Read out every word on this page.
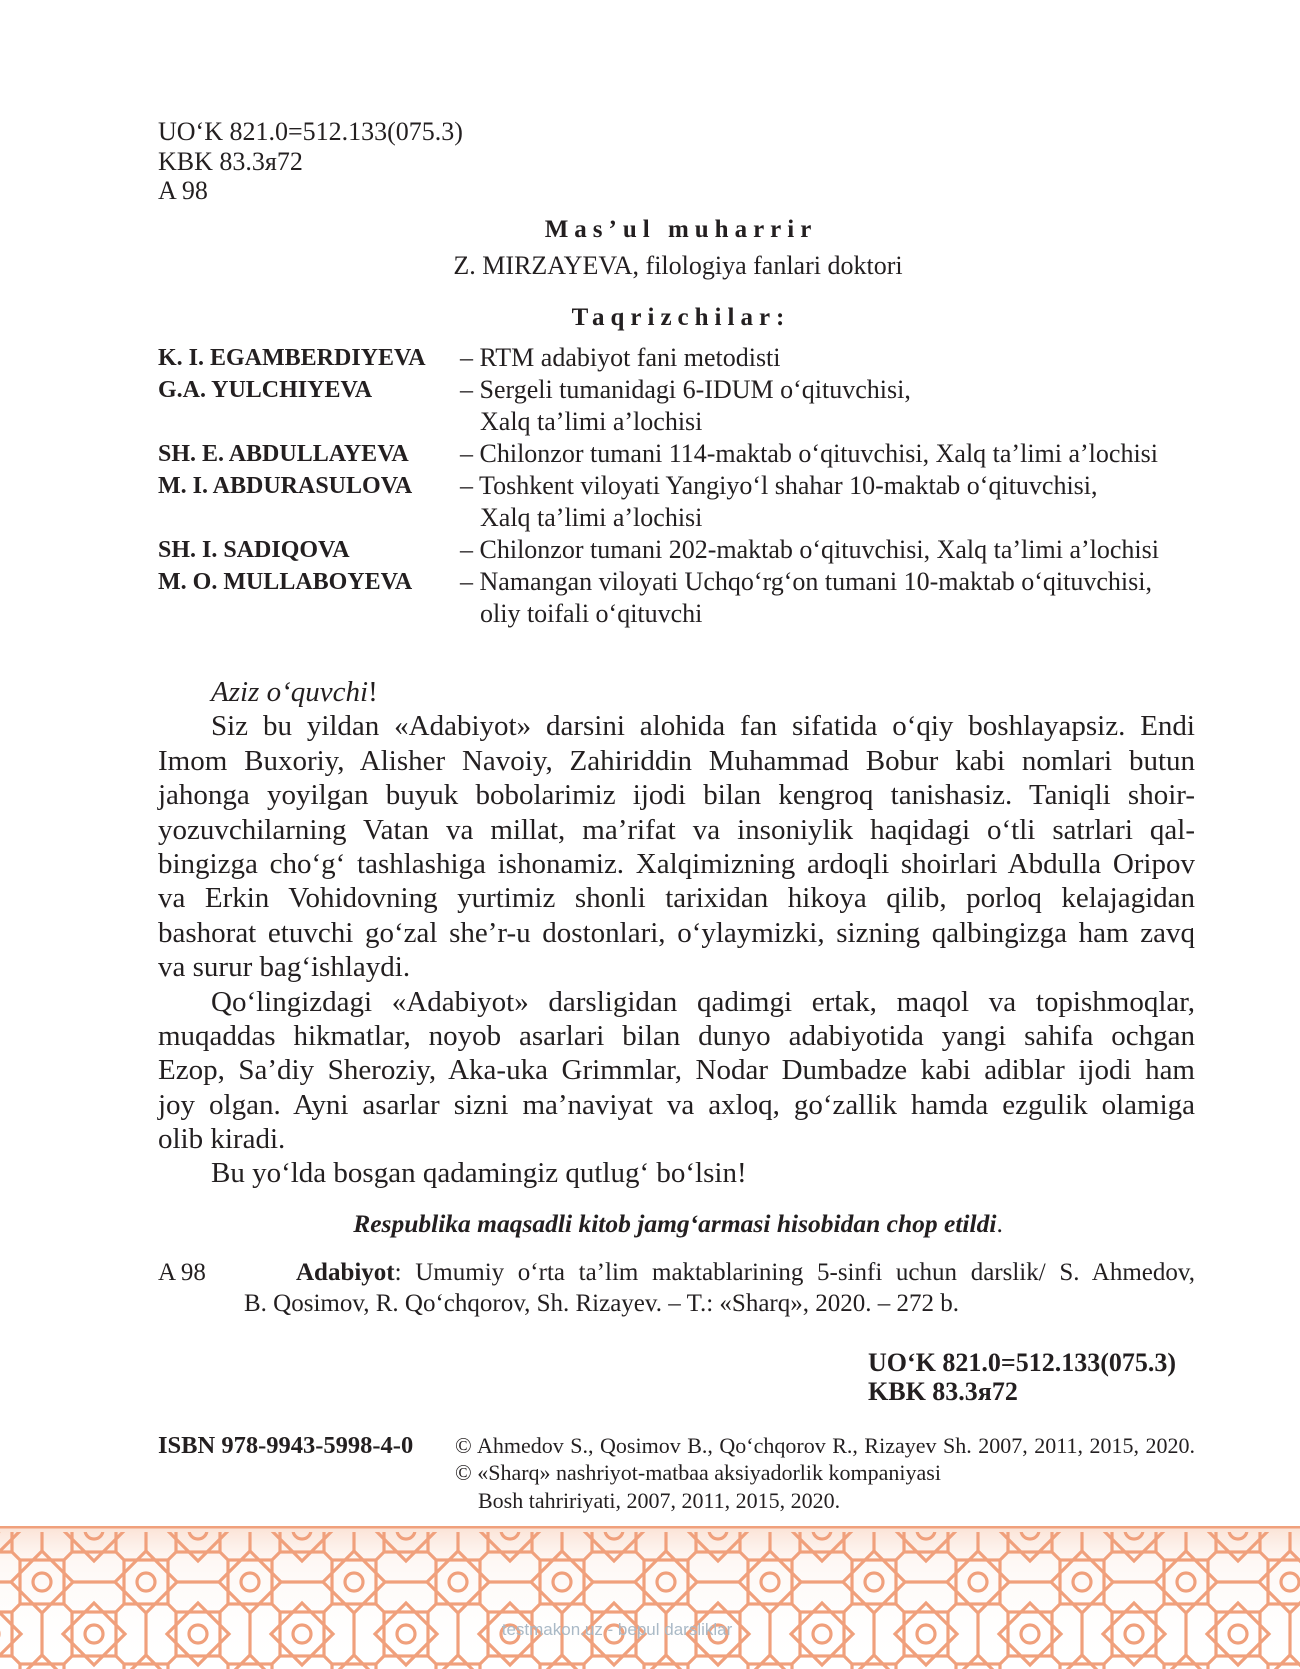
UO‘K 821.0=512.133(075.3)
KBK 83.3я72
A 98
Mas’ul muharrir
Z. MIRZAYEVA, filologiya fanlari doktori
Taqrizchilar:
K. I. EGAMBERDIYEVA	– RTM adabiyot fani metodisti
G.A. YULCHIYEVA	– Sergeli tumanidagi 6-IDUM o‘qituvchisi,
Xalq ta’limi a’lochisi
SH. E. ABDULLAYEVA	– Chilonzor tumani 114-maktab o‘qituvchisi, Xalq ta’limi a’lochisi
M. I. ABDURASULOVA	– Toshkent viloyati Yangiyo‘l shahar 10-maktab o‘qituvchisi,
Xalq ta’limi a’lochisi
SH. I. SADIQOVA	– Chilonzor tumani 202-maktab o‘qituvchisi, Xalq ta’limi a’lochisi
M. O. MULLABOYEVA	– Namangan viloyati Uchqo‘rg‘on tumani 10-maktab o‘qituvchisi,
oliy toifali o‘qituvchi
Aziz o‘quvchi!
Siz bu yildan «Adabiyot» darsini alohida fan sifatida o‘qiy boshlayapsiz. Endi
Imom Buxoriy, Alisher Navoiy, Zahiriddin Muhammad Bobur kabi nomlari butun
jahonga yoyilgan buyuk bobolarimiz ijodi bilan kengroq tanishasiz. Taniqli shoir-
yozuvchilarning Vatan va millat, ma’rifat va insoniylik haqidagi o‘tli satrlari qal-
bingizga cho‘g‘ tashlashiga ishonamiz. Xalqimizning ardoqli shoirlari Abdulla Oripov
va Erkin Vohidovning yurtimiz shonli tarixidan hikoya qilib, porloq kelajagidan
bashorat etuvchi go‘zal she’r-u dostonlari, o‘ylaymizki, sizning qalbingizga ham zavq
va surur bag‘ishlaydi.
Qo‘lingizdagi «Adabiyot» darsligidan qadimgi ertak, maqol va topishmoqlar,
muqaddas hikmatlar, noyob asarlari bilan dunyo adabiyotida yangi sahifa ochgan
Ezop, Sa’diy Sheroziy, Aka-uka Grimmlar, Nodar Dumbadze kabi adiblar ijodi ham
joy olgan. Ayni asarlar sizni ma’naviyat va axloq, go‘zallik hamda ezgulik olamiga
olib kiradi.
Bu yo‘lda bosgan qadamingiz qutlug‘ bo‘lsin!
Respublika maqsadli kitob jamg‘armasi hisobidan chop etildi.
A 98	Adabiyot: Umumiy o‘rta ta’lim maktablarining 5-sinfi uchun darslik/ S. Ahmedov,
B. Qosimov, R. Qo‘chqorov, Sh. Rizayev. – T.: «Sharq», 2020. – 272 b.
UO‘K 821.0=512.133(075.3)
KBK 83.3я72
ISBN 978-9943-5998-4-0 © Ahmedov S., Qosimov B., Qo‘chqorov R., Rizayev Sh. 2007, 2011, 2015, 2020.
© «Sharq» nashriyot-matbaa aksiyadorlik kompaniyasi
Bosh tahririyati, 2007, 2011, 2015, 2020.
testmakon.uz - bepul darsliklar
